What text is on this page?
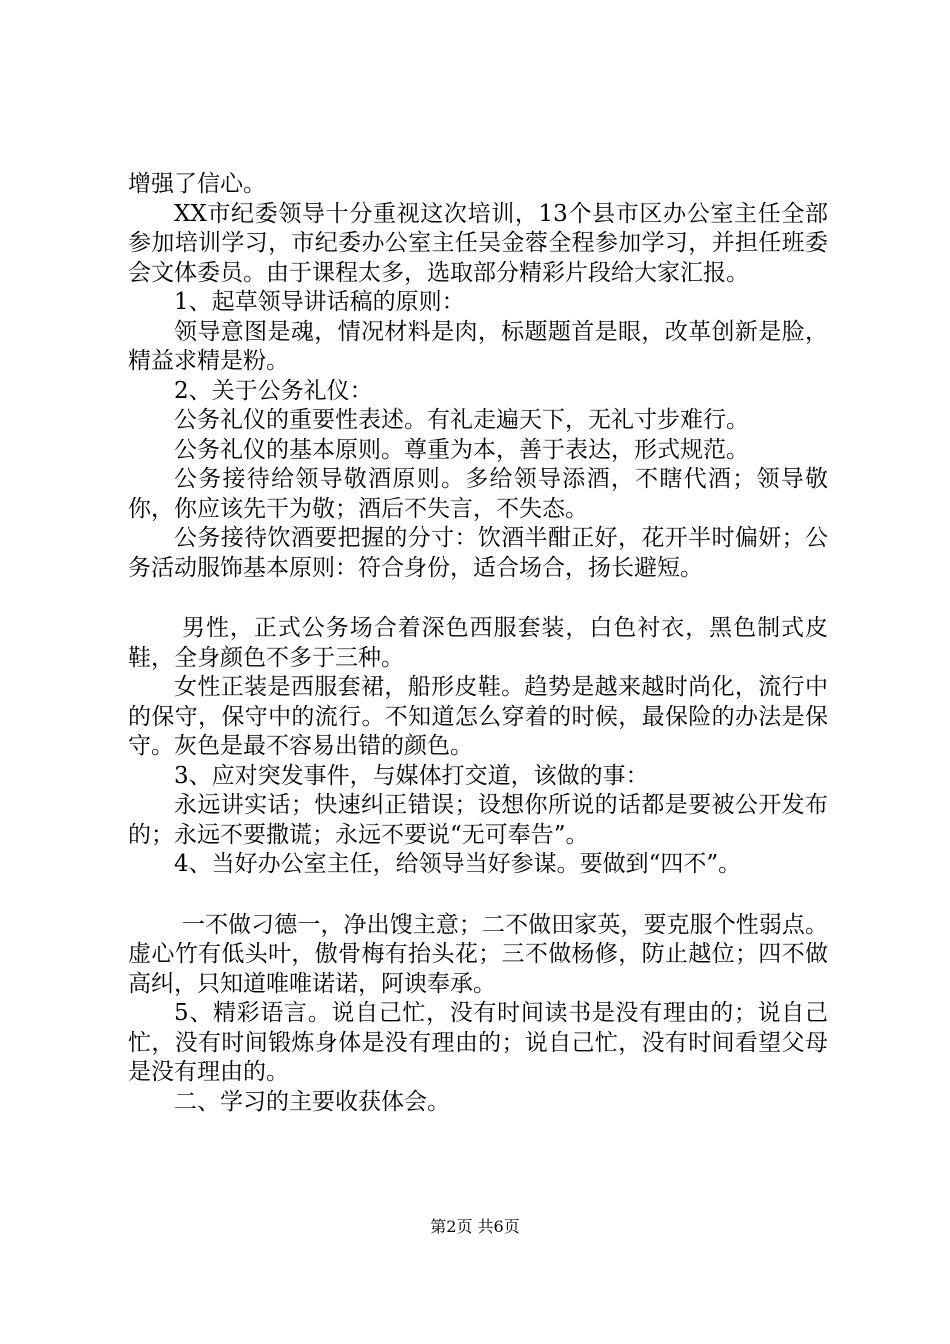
增强了信心。

XX市纪委领导十分重视这次培训，13个县市区办公室主任全部参加培训学习，市纪委办公室主任吴金蓉全程参加学习，并担任班委会文体委员。由于课程太多，选取部分精彩片段给大家汇报。

1、起草领导讲话稿的原则：

领导意图是魂，情况材料是肉，标题题首是眼，改革创新是脸，精益求精是粉。

2、关于公务礼仪：

公务礼仪的重要性表述。有礼走遍天下，无礼寸步难行。

公务礼仪的基本原则。尊重为本，善于表达，形式规范。

公务接待给领导敬酒原则。多给领导添酒，不瞎代酒；领导敬你，你应该先干为敬；酒后不失言，不失态。

公务接待饮酒要把握的分寸：饮酒半酣正好，花开半时偏妍；公务活动服饰基本原则：符合身份，适合场合，扬长避短。

男性，正式公务场合着深色西服套装，白色衬衣，黑色制式皮鞋，全身颜色不多于三种。

女性正装是西服套裙，船形皮鞋。趋势是越来越时尚化，流行中的保守，保守中的流行。不知道怎么穿着的时候，最保险的办法是保守。灰色是最不容易出错的颜色。

3、应对突发事件，与媒体打交道，该做的事：

永远讲实话；快速纠正错误；设想你所说的话都是要被公开发布的；永远不要撒谎；永远不要说“无可奉告”。

4、当好办公室主任，给领导当好参谋。要做到“四不”。

一不做刁德一，净出馊主意；二不做田家英，要克服个性弱点。虚心竹有低头叶，傲骨梅有抬头花；三不做杨修，防止越位；四不做高纠，只知道唯唯诺诺，阿谀奉承。

5、精彩语言。说自己忙，没有时间读书是没有理由的；说自己忙，没有时间锻炼身体是没有理由的；说自己忙，没有时间看望父母是没有理由的。

二、学习的主要收获体会。

第2页 共6页
